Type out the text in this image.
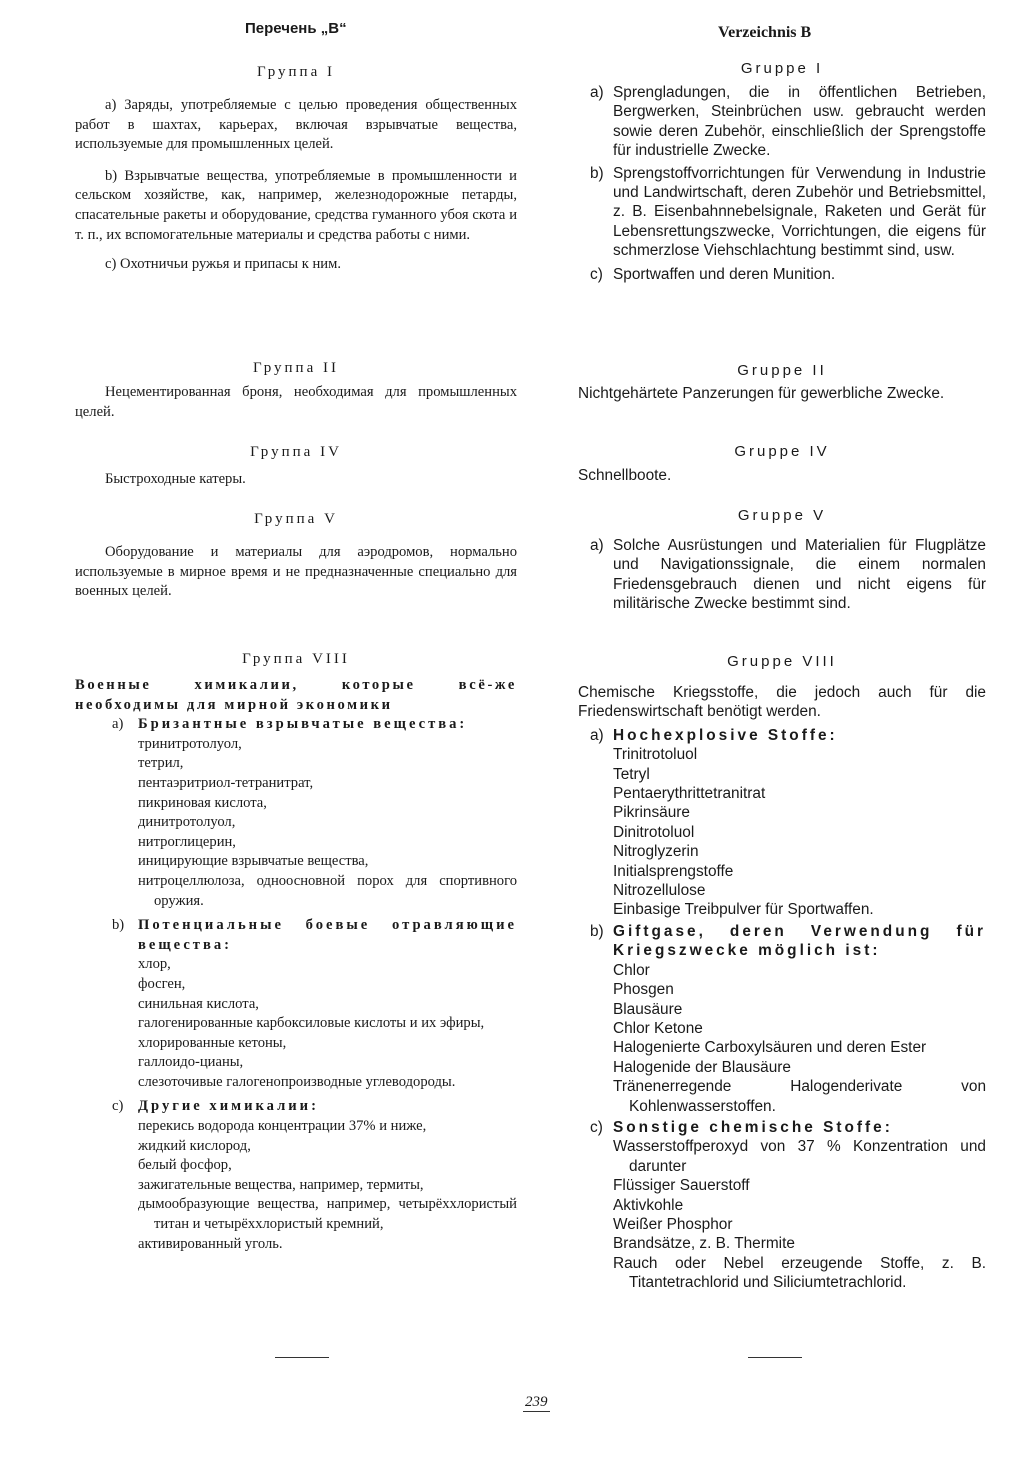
Перечень „В“
Группа I
a) Заряды, употребляемые с целью проведения общественных работ в шахтах, карьерах, включая взрывчатые вещества, используемые для промышленных целей.
b) Взрывчатые вещества, употребляемые в промышленности и сельском хозяйстве, как, например, железнодорожные петарды, спасательные ракеты и оборудование, средства гуманного убоя скота и т. п., их вспомогательные материалы и средства работы с ними.
c) Охотничьи ружья и припасы к ним.
Группа II
Нецементированная броня, необходимая для промышленных целей.
Группа IV
Быстроходные катеры.
Группа V
Оборудование и материалы для аэродромов, нормально используемые в мирное время и не предназначенные специально для военных целей.
Группа VIII
Военные химикалии, которые всё-же необходимы для мирной экономики
a)	Бризантные взрывчатые вещества:
тринитротолуол,
тетрил,
пентаэритриол-тетранитрат,
пикриновая кислота,
динитротолуол,
нитроглицерин,
иницирующие взрывчатые вещества,
нитроцеллюлоза, одноосновной порох для спортивного оружия.
b) Потенциальные боевые отравляющие вещества:
хлор,
фосген,
синильная кислота,
галогенированные карбоксиловые кислоты и их эфиры,
хлорированные кетоны,
галлоидо-цианы,
слезоточивые галогенопроизводные углеводороды.
c)	Другие химикалии:
перекись водорода концентрации 37% и ниже,
жидкий кислород,
белый фосфор,
зажигательные вещества, например, термиты,
дымообразующие вещества, например, четырёххлористый титан и четырёххлористый кремний,
активированный уголь.
Verzeichnis B
Gruppe I
a) Sprengladungen, die in öffentlichen Betrieben, Bergwerken, Steinbrüchen usw. gebraucht werden sowie deren Zubehör, einschließlich der Sprengstoffe für industrielle Zwecke.
b) Sprengstoffvorrichtungen für Verwendung in Industrie und Landwirtschaft, deren Zubehör und Betriebsmittel, z. B. Eisenbahnnebelsignale, Raketen und Gerät für Lebensrettungszwecke, Vorrichtungen, die eigens für schmerzlose Viehschlachtung bestimmt sind, usw.
c) Sportwaffen und deren Munition.
Gruppe II
Nichtgehärtete Panzerungen für gewerbliche Zwecke.
Gruppe IV
Schnellboote.
Gruppe V
a) Solche Ausrüstungen und Materialien für Flugplätze und Navigationssignale, die einem normalen Friedensgebrauch dienen und nicht eigens für militärische Zwecke bestimmt sind.
Gruppe VIII
Chemische Kriegsstoffe, die jedoch auch für die Friedenswirtschaft benötigt werden.
a) Hochexplosive Stoffe:
Trinitrotoluol
Tetryl
Pentaerythrittetranitrat
Pikrinsäure
Dinitrotoluol
Nitroglyzerin
Initialsprengstoffe
Nitrozellulose
Einbasige Treibpulver für Sportwaffen.
b) Giftgase, deren Verwendung für Kriegszwecke möglich ist:
Chlor
Phosgen
Blausäure
Chlor Ketone
Halogenierte Carboxylsäuren und deren Ester
Halogenide der Blausäure
Tränenerregende Halogenderivate von Kohlenwasserstoffen.
c) Sonstige chemische Stoffe:
Wasserstoffperoxyd von 37 % Konzentration und darunter
Flüssiger Sauerstoff
Aktivkohle
Weißer Phosphor
Brandsätze, z. B. Thermite
Rauch oder Nebel erzeugende Stoffe, z. B. Titantetrachlorid und Siliciumtetrachlorid.
239
